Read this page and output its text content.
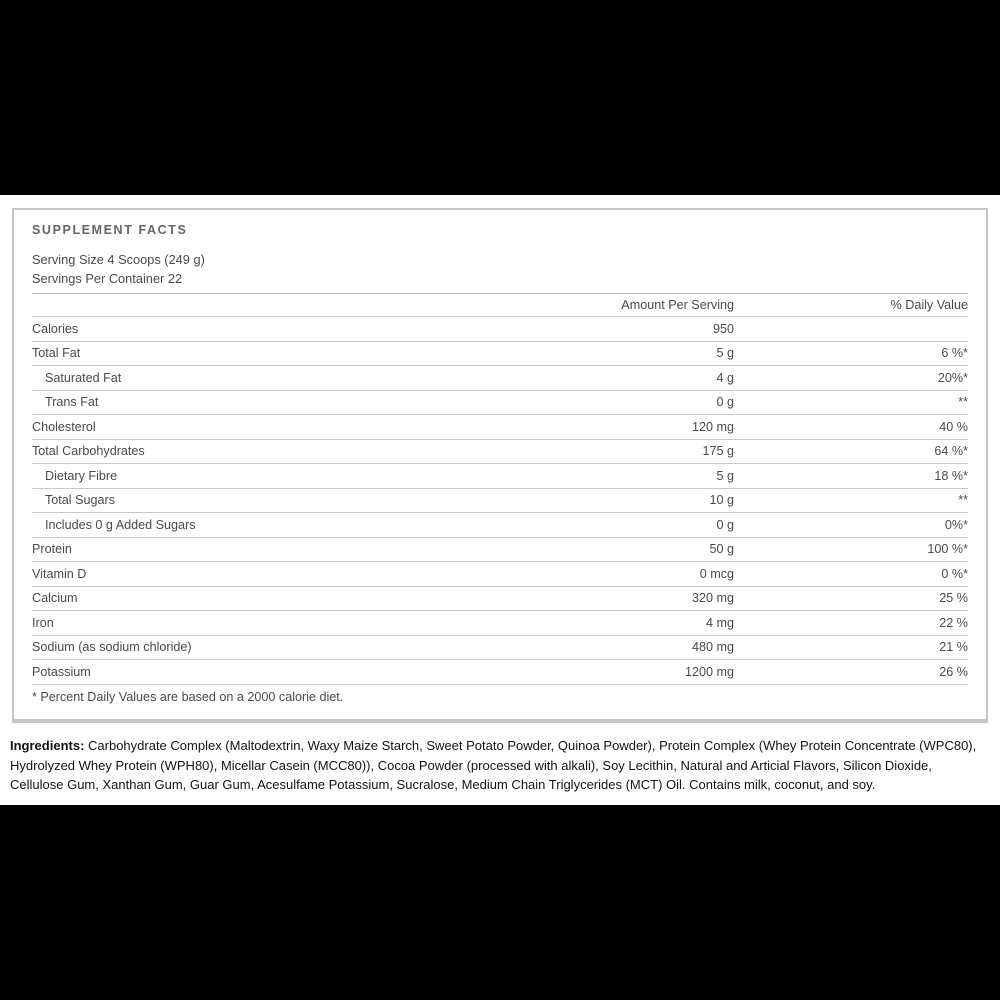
SUPPLEMENT FACTS
Serving Size 4 Scoops (249 g)
Servings Per Container 22
Amount Per Serving	% Daily Value
Calories	950
Total Fat	5 g	6 %*
Saturated Fat	4 g	20%*
Trans Fat	0 g	**
Cholesterol	120 mg	40 %
Total Carbohydrates	175 g	64 %*
Dietary Fibre	5 g	18 %*
Total Sugars	10 g	**
Includes 0 g Added Sugars	0 g	0%*
Protein	50 g	100 %*
Vitamin D	0 mcg	0 %*
Calcium	320 mg	25 %
Iron	4 mg	22 %
Sodium (as sodium chloride)	480 mg	21 %
Potassium	1200 mg	26 %
* Percent Daily Values are based on a 2000 calorie diet.

Ingredients: Carbohydrate Complex (Maltodextrin, Waxy Maize Starch, Sweet Potato Powder, Quinoa Powder), Protein Complex (Whey Protein Concentrate (WPC80), Hydrolyzed Whey Protein (WPH80), Micellar Casein (MCC80)), Cocoa Powder (processed with alkali), Soy Lecithin, Natural and Articial Flavors, Silicon Dioxide, Cellulose Gum, Xanthan Gum, Guar Gum, Acesulfame Potassium, Sucralose, Medium Chain Triglycerides (MCT) Oil. Contains milk, coconut, and soy.
